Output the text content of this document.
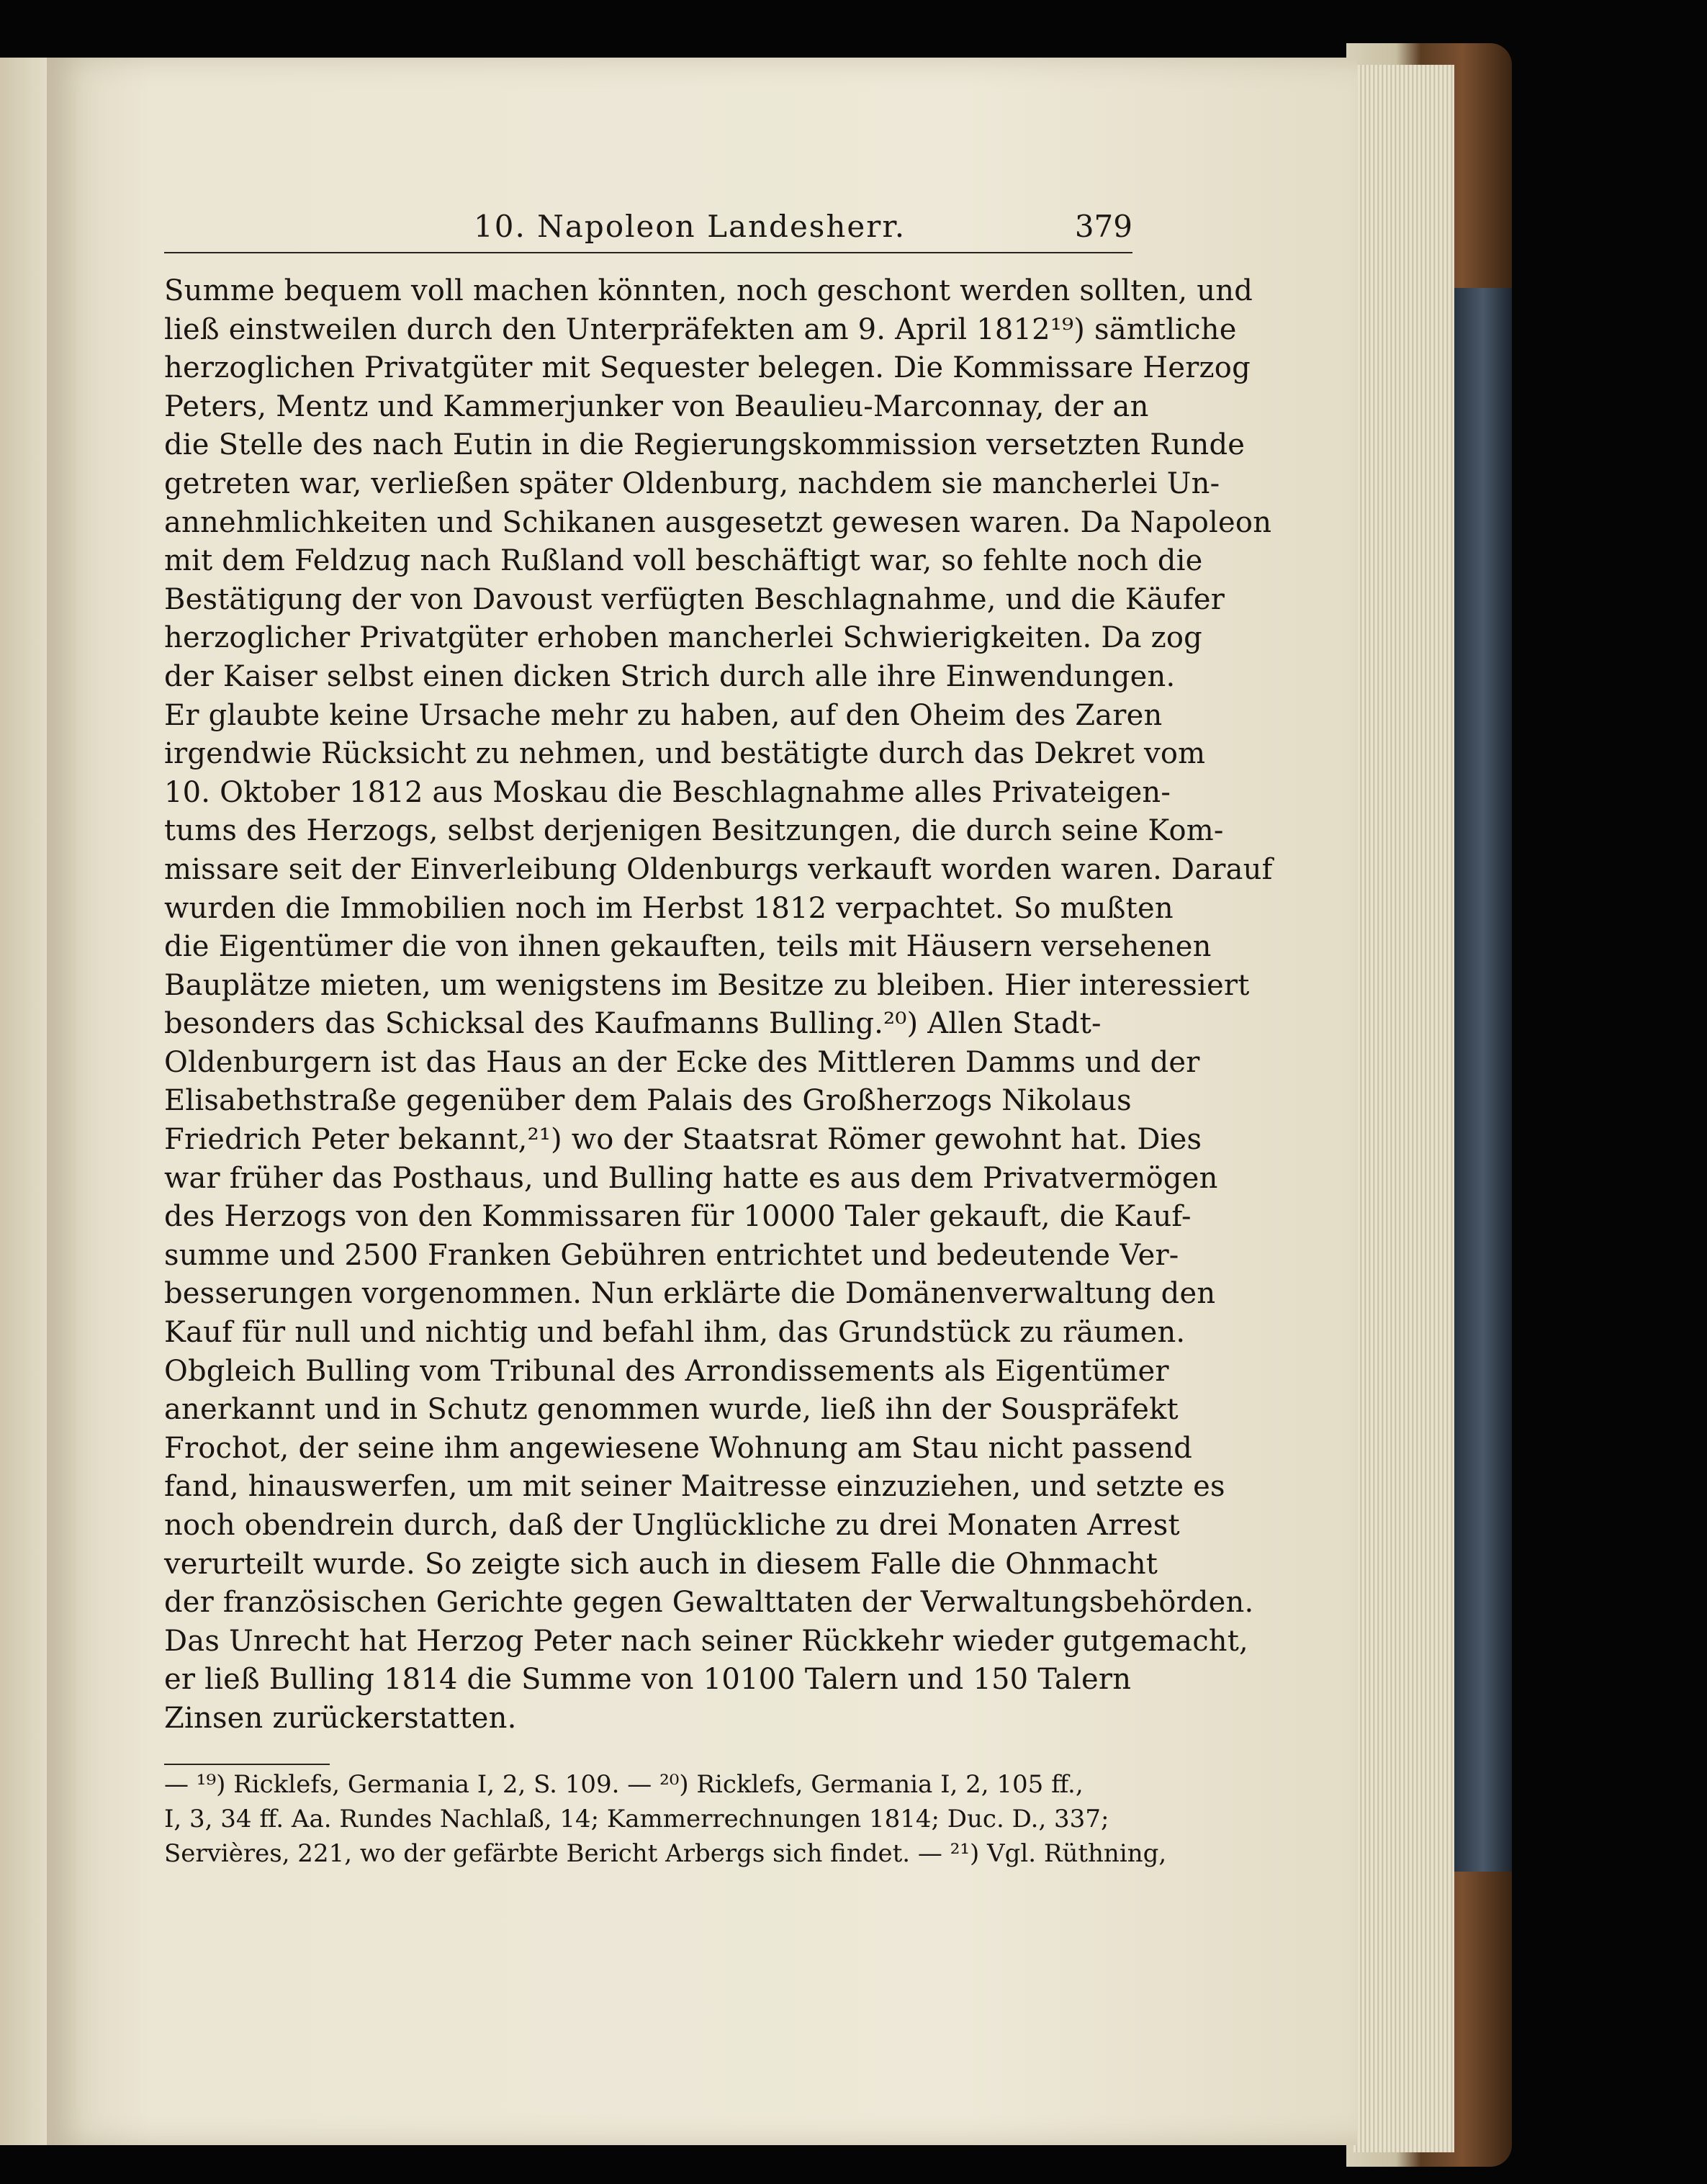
10. Napoleon Landesherr.	379
Summe bequem voll machen könnten, noch geschont werden sollten, und
ließ einstweilen durch den Unterpräfekten am 9. April 1812¹⁹) sämtliche
herzoglichen Privatgüter mit Sequester belegen. Die Kommissare Herzog
Peters, Mentz und Kammerjunker von Beaulieu-Marconnay, der an
die Stelle des nach Eutin in die Regierungskommission versetzten Runde
getreten war, verließen später Oldenburg, nachdem sie mancherlei Un-
annehmlichkeiten und Schikanen ausgesetzt gewesen waren. Da Napoleon
mit dem Feldzug nach Rußland voll beschäftigt war, so fehlte noch die
Bestätigung der von Davoust verfügten Beschlagnahme, und die Käufer
herzoglicher Privatgüter erhoben mancherlei Schwierigkeiten. Da zog
der Kaiser selbst einen dicken Strich durch alle ihre Einwendungen.
Er glaubte keine Ursache mehr zu haben, auf den Oheim des Zaren
irgendwie Rücksicht zu nehmen, und bestätigte durch das Dekret vom
10. Oktober 1812 aus Moskau die Beschlagnahme alles Privateigen-
tums des Herzogs, selbst derjenigen Besitzungen, die durch seine Kom-
missare seit der Einverleibung Oldenburgs verkauft worden waren. Darauf
wurden die Immobilien noch im Herbst 1812 verpachtet. So mußten
die Eigentümer die von ihnen gekauften, teils mit Häusern versehenen
Bauplätze mieten, um wenigstens im Besitze zu bleiben. Hier interessiert
besonders das Schicksal des Kaufmanns Bulling.²⁰) Allen Stadt-
Oldenburgern ist das Haus an der Ecke des Mittleren Damms und der
Elisabethstraße gegenüber dem Palais des Großherzogs Nikolaus
Friedrich Peter bekannt,²¹) wo der Staatsrat Römer gewohnt hat. Dies
war früher das Posthaus, und Bulling hatte es aus dem Privatvermögen
des Herzogs von den Kommissaren für 10000 Taler gekauft, die Kauf-
summe und 2500 Franken Gebühren entrichtet und bedeutende Ver-
besserungen vorgenommen. Nun erklärte die Domänenverwaltung den
Kauf für null und nichtig und befahl ihm, das Grundstück zu räumen.
Obgleich Bulling vom Tribunal des Arrondissements als Eigentümer
anerkannt und in Schutz genommen wurde, ließ ihn der Souspräfekt
Frochot, der seine ihm angewiesene Wohnung am Stau nicht passend
fand, hinauswerfen, um mit seiner Maitresse einzuziehen, und setzte es
noch obendrein durch, daß der Unglückliche zu drei Monaten Arrest
verurteilt wurde. So zeigte sich auch in diesem Falle die Ohnmacht
der französischen Gerichte gegen Gewalttaten der Verwaltungsbehörden.
Das Unrecht hat Herzog Peter nach seiner Rückkehr wieder gutgemacht,
er ließ Bulling 1814 die Summe von 10100 Talern und 150 Talern
Zinsen zurückerstatten.
— ¹⁹) Ricklefs, Germania I, 2, S. 109. — ²⁰) Ricklefs, Germania I, 2, 105 ff.,
I, 3, 34 ff. Aa. Rundes Nachlaß, 14; Kammerrechnungen 1814; Duc. D., 337;
Servières, 221, wo der gefärbte Bericht Arbergs sich findet. — ²¹) Vgl. Rüthning,
